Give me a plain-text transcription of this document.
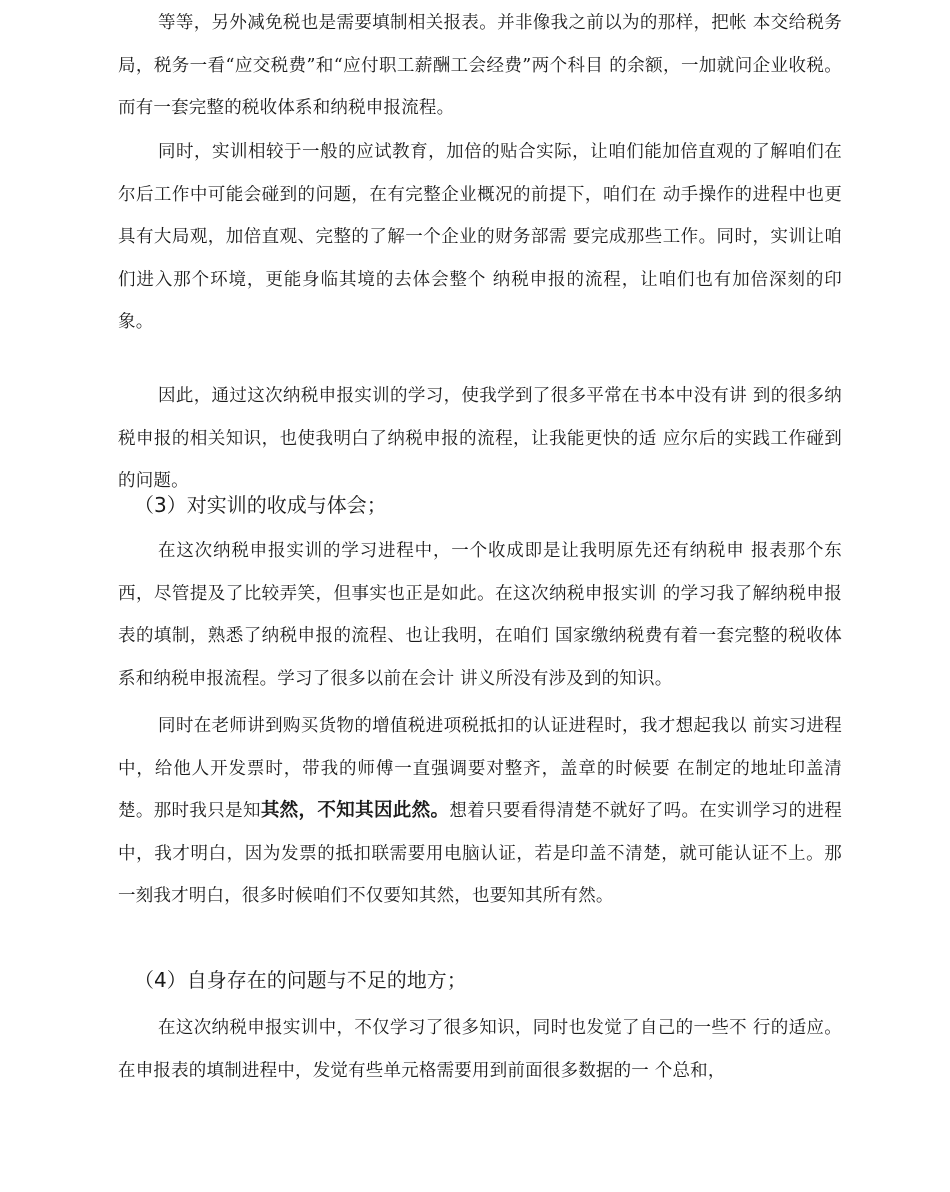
等等，另外减免税也是需要填制相关报表。并非像我之前以为的那样，把帐 本交给税务局，税务一看“应交税费”和“应付职工薪酬工会经费”两个科目 的余额，一加就问企业收税。而有一套完整的税收体系和纳税申报流程。

同时，实训相较于一般的应试教育，加倍的贴合实际，让咱们能加倍直观的了解咱们在尔后工作中可能会碰到的问题，在有完整企业概况的前提下，咱们在 动手操作的进程中也更具有大局观，加倍直观、完整的了解一个企业的财务部需 要完成那些工作。同时，实训让咱们进入那个环境，更能身临其境的去体会整个 纳税申报的流程，让咱们也有加倍深刻的印象。

因此，通过这次纳税申报实训的学习，使我学到了很多平常在书本中没有讲 到的很多纳税申报的相关知识，也使我明白了纳税申报的流程，让我能更快的适 应尔后的实践工作碰到的问题。

（3）对实训的收成与体会；

在这次纳税申报实训的学习进程中，一个收成即是让我明原先还有纳税申 报表那个东西，尽管提及了比较弄笑，但事实也正是如此。在这次纳税申报实训 的学习我了解纳税申报表的填制，熟悉了纳税申报的流程、也让我明，在咱们 国家缴纳税费有着一套完整的税收体系和纳税申报流程。学习了很多以前在会计 讲义所没有涉及到的知识。

同时在老师讲到购买货物的增值税进项税抵扣的认证进程时，我才想起我以 前实习进程中，给他人开发票时，带我的师傅一直强调要对整齐，盖章的时候要 在制定的地址印盖清楚。那时我只是知其然，不知其因此然。想着只要看得清楚不就好了吗。在实训学习的进程中，我才明白，因为发票的抵扣联需要用电脑认证，若是印盖不清楚，就可能认证不上。那一刻我才明白，很多时候咱们不仅要知其然，也要知其所有然。

（4）自身存在的问题与不足的地方；

在这次纳税申报实训中，不仅学习了很多知识，同时也发觉了自己的一些不 行的适应。在申报表的填制进程中，发觉有些单元格需要用到前面很多数据的一 个总和，
